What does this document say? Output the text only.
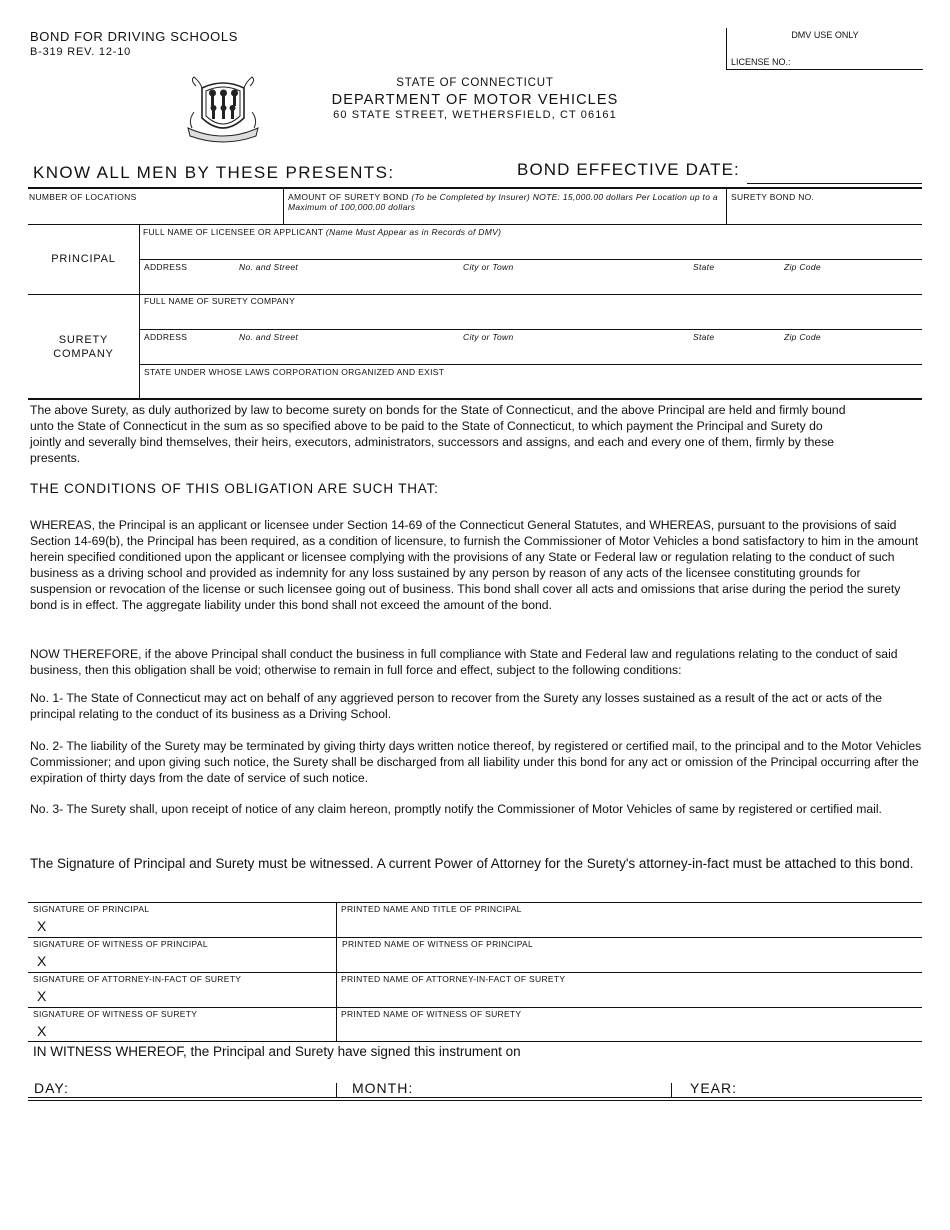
BOND FOR DRIVING SCHOOLS
B-319 REV. 12-10
DMV USE ONLY
LICENSE NO.:
STATE OF CONNECTICUT
DEPARTMENT OF MOTOR VEHICLES
60 STATE STREET, WETHERSFIELD, CT 06161
KNOW ALL MEN BY THESE PRESENTS:	BOND EFFECTIVE DATE:
NUMBER OF LOCATIONS	AMOUNT OF SURETY BOND (To be Completed by Insurer) NOTE: 15,000.00 dollars Per Location up to a Maximum of 100,000.00 dollars
SURETY BOND NO.
PRINCIPAL
FULL NAME OF LICENSEE OR APPLICANT (Name Must Appear as in Records of DMV)
ADDRESS	No. and Street	City or Town	State	Zip Code
SURETY
COMPANY
FULL NAME OF SURETY COMPANY
ADDRESS	No. and Street	City or Town	State	Zip Code
STATE UNDER WHOSE LAWS CORPORATION ORGANIZED AND EXIST
The above Surety, as duly authorized by law to become surety on bonds for the State of Connecticut, and the above Principal are held and firmly bound unto the State of Connecticut in the sum as so specified above to be paid to the State of Connecticut, to which payment the Principal and Surety do jointly and severally bind themselves, their heirs, executors, administrators, successors and assigns, and each and every one of them, firmly by these presents.
THE CONDITIONS OF THIS OBLIGATION ARE SUCH THAT:
WHEREAS, the Principal is an applicant or licensee under Section 14-69 of the Connecticut General Statutes, and WHEREAS, pursuant to the provisions of said Section 14-69(b), the Principal has been required, as a condition of licensure, to furnish the Commissioner of Motor Vehicles a bond satisfactory to him in the amount herein specified conditioned upon the applicant or licensee complying with the provisions of any State or Federal law or regulation relating to the conduct of such business as a driving school and provided as indemnity for any loss sustained by any person by reason of any acts of the licensee constituting grounds for suspension or revocation of the license or such licensee going out of business. This bond shall cover all acts and omissions that arise during the period the surety bond is in effect. The aggregate liability under this bond shall not exceed the amount of the bond.
NOW THEREFORE, if the above Principal shall conduct the business in full compliance with State and Federal law and regulations relating to the conduct of said business, then this obligation shall be void; otherwise to remain in full force and effect, subject to the following conditions:
No. 1- The State of Connecticut may act on behalf of any aggrieved person to recover from the Surety any losses sustained as a result of the act or acts of the principal relating to the conduct of its business as a Driving School.
No. 2- The liability of the Surety may be terminated by giving thirty days written notice thereof, by registered or certified mail, to the principal and to the Motor Vehicles Commissioner; and upon giving such notice, the Surety shall be discharged from all liability under this bond for any act or omission of the Principal occurring after the expiration of thirty days from the date of service of such notice.
No. 3- The Surety shall, upon receipt of notice of any claim hereon, promptly notify the Commissioner of Motor Vehicles of same by registered or certified mail.
The Signature of Principal and Surety must be witnessed. A current Power of Attorney for the Surety's attorney-in-fact must be attached to this bond.
SIGNATURE OF PRINCIPAL
X
PRINTED NAME AND TITLE OF PRINCIPAL
SIGNATURE OF WITNESS OF PRINCIPAL
X
PRINTED NAME OF WITNESS OF PRINCIPAL
SIGNATURE OF ATTORNEY-IN-FACT OF SURETY
X
PRINTED NAME OF ATTORNEY-IN-FACT OF SURETY
SIGNATURE OF WITNESS OF SURETY
X
PRINTED NAME OF WITNESS OF SURETY
IN WITNESS WHEREOF, the Principal and Surety have signed this instrument on
DAY:	MONTH:	YEAR:
